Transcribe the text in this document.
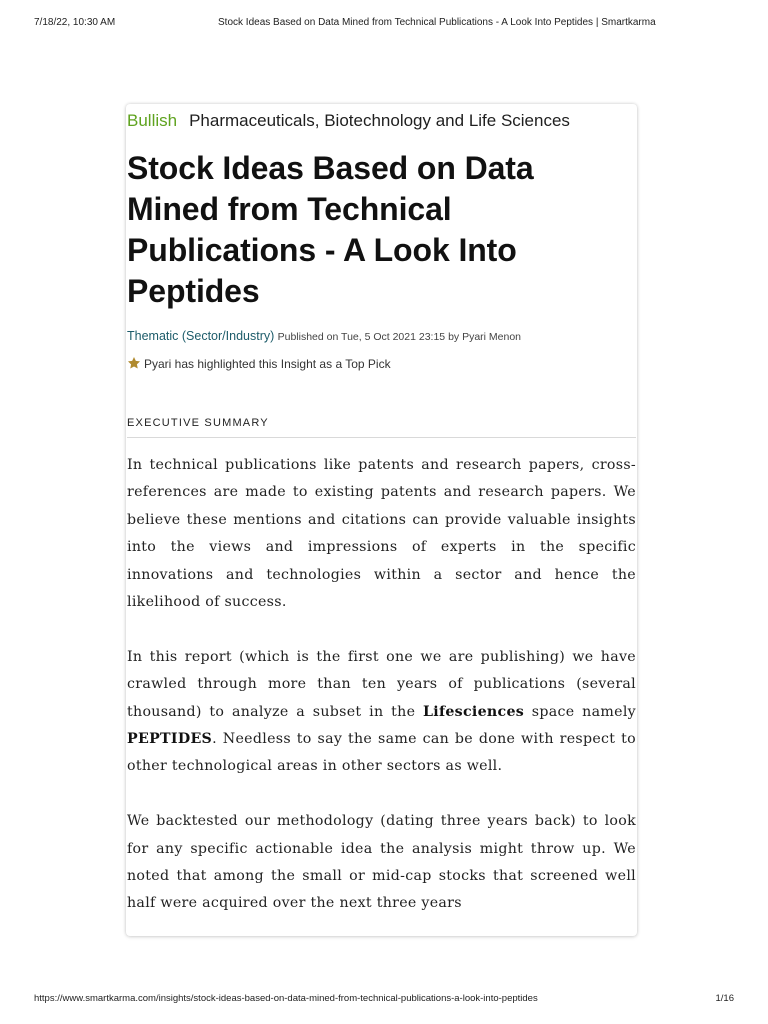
7/18/22, 10:30 AM	Stock Ideas Based on Data Mined from Technical Publications - A Look Into Peptides | Smartkarma
Bullish Pharmaceuticals, Biotechnology and Life Sciences
Stock Ideas Based on Data Mined from Technical Publications - A Look Into Peptides
Thematic (Sector/Industry) Published on Tue, 5 Oct 2021 23:15 by Pyari Menon
Pyari has highlighted this Insight as a Top Pick
EXECUTIVE SUMMARY

In technical publications like patents and research papers, cross-references are made to existing patents and research papers. We believe these mentions and citations can provide valuable insights into the views and impressions of experts in the specific innovations and technologies within a sector and hence the likelihood of success.

In this report (which is the first one we are publishing) we have crawled through more than ten years of publications (several thousand) to analyze a subset in the Lifesciences space namely PEPTIDES. Needless to say the same can be done with respect to other technological areas in other sectors as well.

We backtested our methodology (dating three years back) to look for any specific actionable idea the analysis might throw up. We noted that among the small or mid-cap stocks that screened well half were acquired over the next three years

https://www.smartkarma.com/insights/stock-ideas-based-on-data-mined-from-technical-publications-a-look-into-peptides	1/16
